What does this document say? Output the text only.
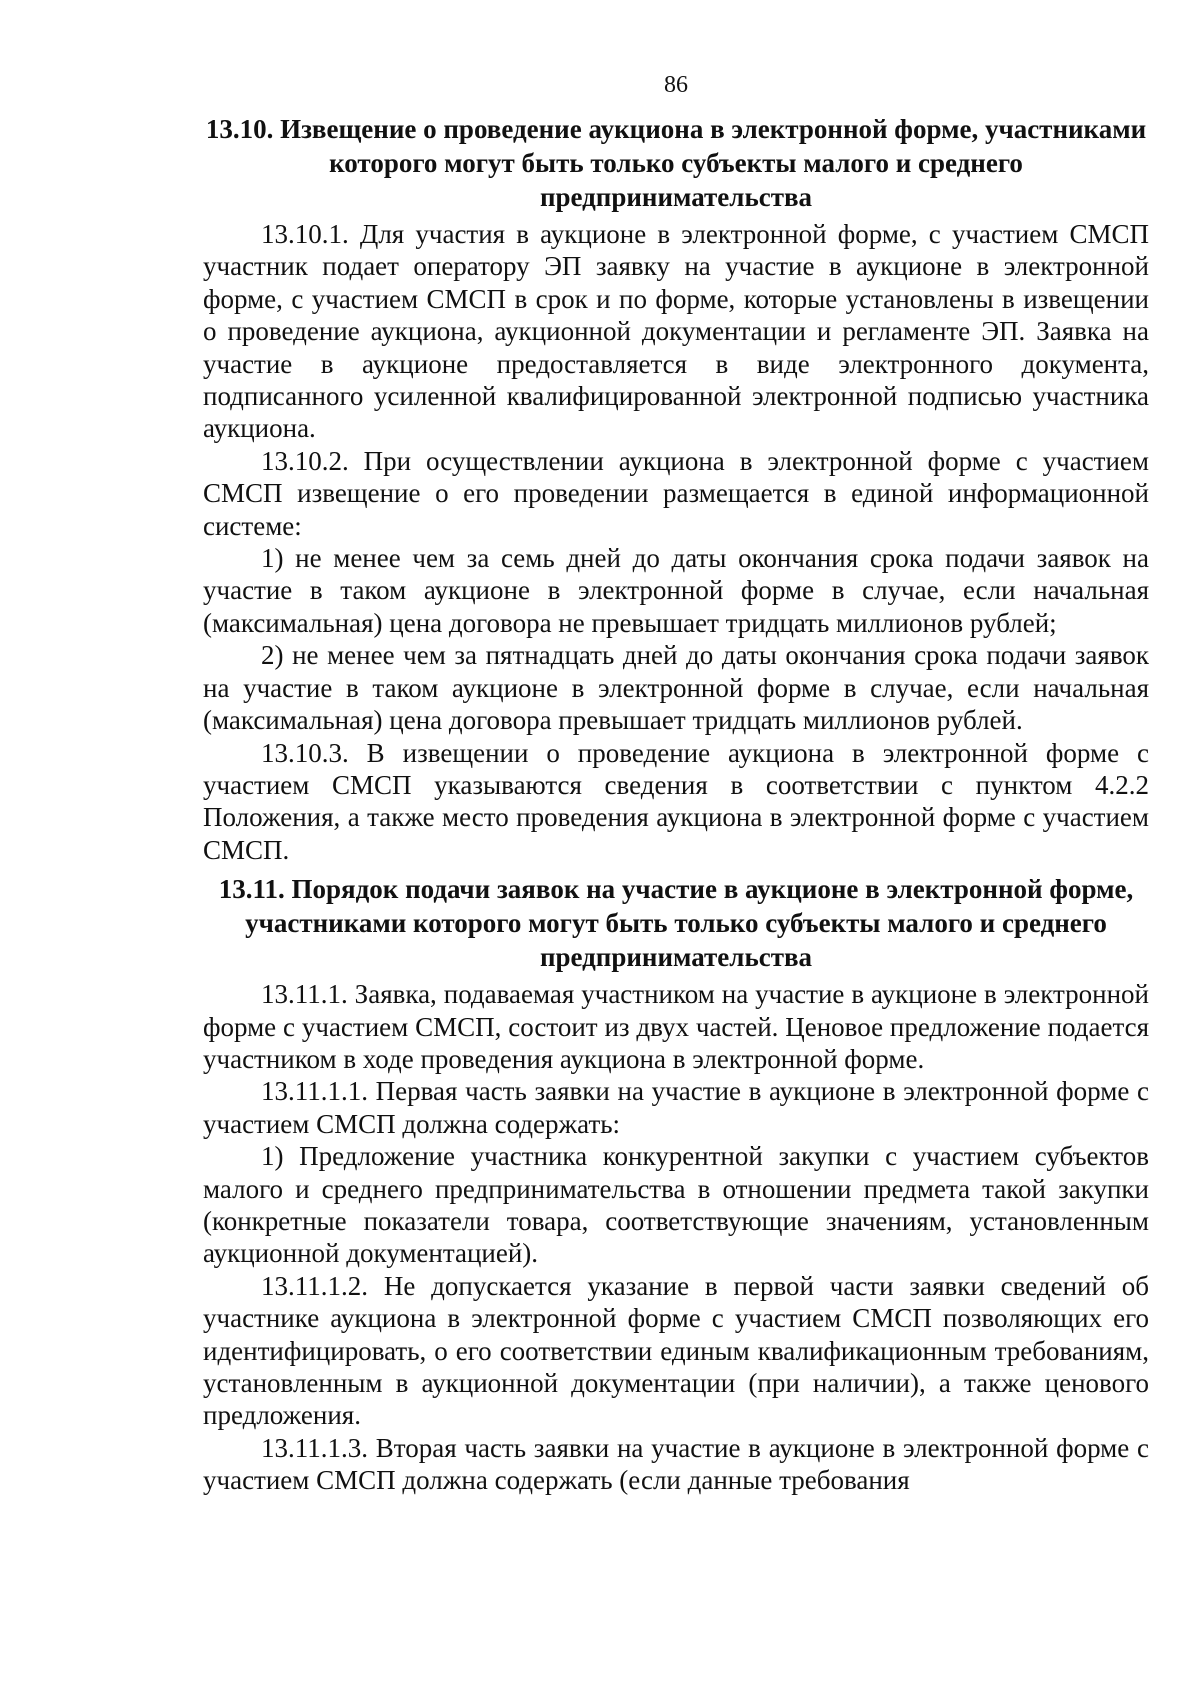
86
13.10. Извещение о проведение аукциона в электронной форме, участниками которого могут быть только субъекты малого и среднего предпринимательства

13.10.1. Для участия в аукционе в электронной форме, с участием СМСП участник подает оператору ЭП заявку на участие в аукционе в электронной форме, с участием СМСП в срок и по форме, которые установлены в извещении о проведение аукциона, аукционной документации и регламенте ЭП. Заявка на участие в аукционе предоставляется в виде электронного документа, подписанного усиленной квалифицированной электронной подписью участника аукциона.

13.10.2. При осуществлении аукциона в электронной форме с участием СМСП извещение о его проведении размещается в единой информационной системе:

1) не менее чем за семь дней до даты окончания срока подачи заявок на участие в таком аукционе в электронной форме в случае, если начальная (максимальная) цена договора не превышает тридцать миллионов рублей;

2) не менее чем за пятнадцать дней до даты окончания срока подачи заявок на участие в таком аукционе в электронной форме в случае, если начальная (максимальная) цена договора превышает тридцать миллионов рублей.

13.10.3. В извещении о проведение аукциона в электронной форме с участием СМСП указываются сведения в соответствии с пунктом 4.2.2 Положения, а также место проведения аукциона в электронной форме с участием СМСП.

13.11. Порядок подачи заявок на участие в аукционе в электронной форме, участниками которого могут быть только субъекты малого и среднего предпринимательства

13.11.1. Заявка, подаваемая участником на участие в аукционе в электронной форме с участием СМСП, состоит из двух частей. Ценовое предложение подается участником в ходе проведения аукциона в электронной форме.

13.11.1.1. Первая часть заявки на участие в аукционе в электронной форме с участием СМСП должна содержать:

1) Предложение участника конкурентной закупки с участием субъектов малого и среднего предпринимательства в отношении предмета такой закупки (конкретные показатели товара, соответствующие значениям, установленным аукционной документацией).

13.11.1.2. Не допускается указание в первой части заявки сведений об участнике аукциона в электронной форме с участием СМСП позволяющих его идентифицировать, о его соответствии единым квалификационным требованиям, установленным в аукционной документации (при наличии), а также ценового предложения.

13.11.1.3. Вторая часть заявки на участие в аукционе в электронной форме с участием СМСП должна содержать (если данные требования
